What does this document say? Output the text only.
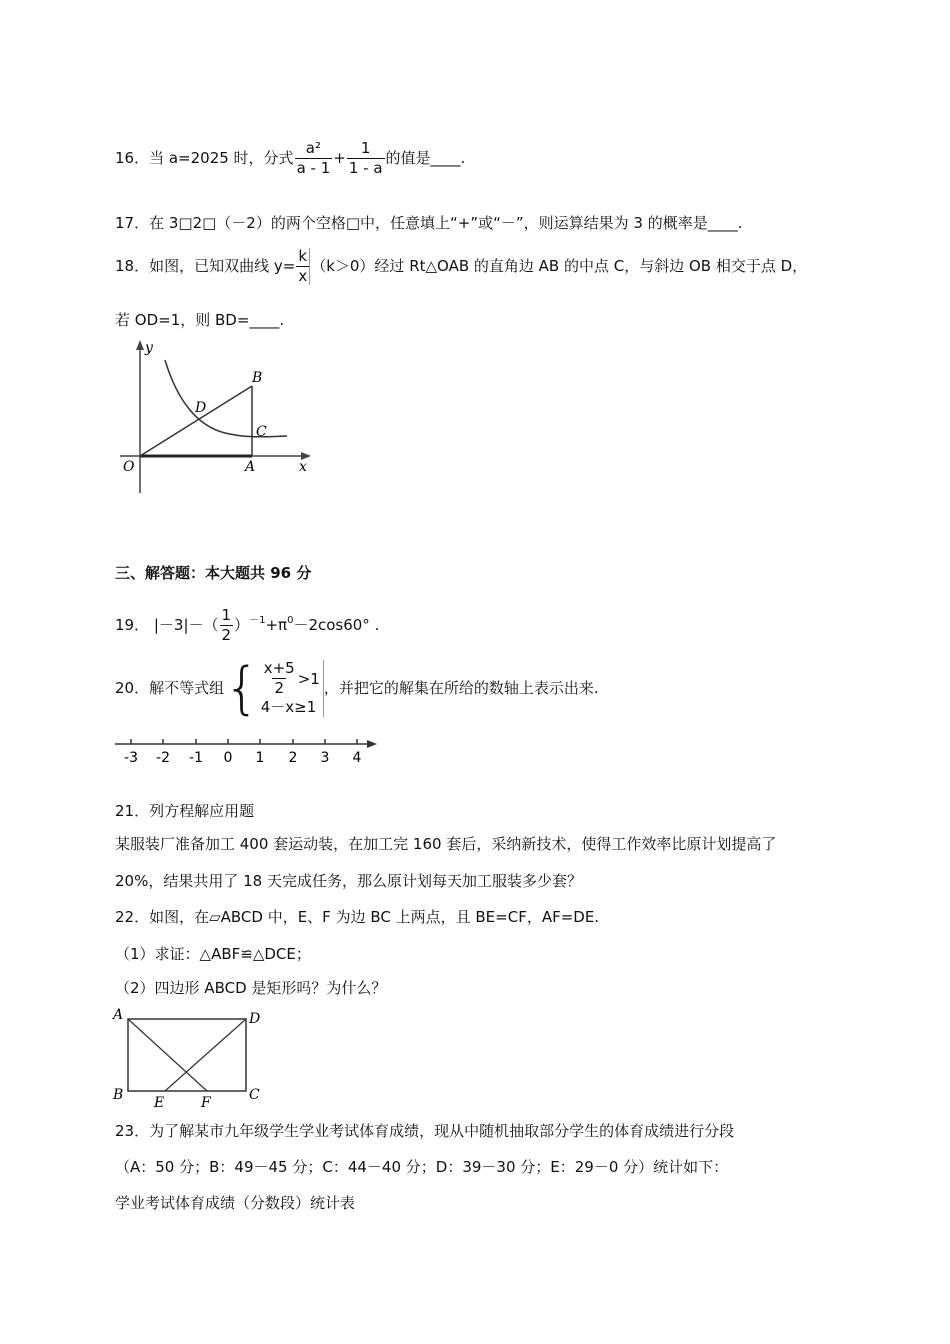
16．当 a=2025 时，分式 $\frac{\text{a²}}{a - 1} + \frac{1}{1 - a}$ 的值是____.
17．在 3□2□（－2）的两个空格□中，任意填上“+”或“－”，则运算结果为 3 的概率是____.
18．如图，已知双曲线 $y= \frac{k}{x} (k>0)$经过 Rt△OAB 的直角边 AB 的中点 C，与斜边 OB 相交于点 D，
若 OD=1，则 BD=____.
y
B
D
C
O	A	x
三、解答题：本大题共 96 分
19． $|-3|-( \frac{1}{2} )^{-1}+\pi^0-2\cos 60^\circ$ .
20．解不等式组 { $\frac{x+5}{2} >1$
4－x≥1
，并把它的解集在所给的数轴上表示出来.
-3 -2 -1 0 1 2 3 4
21．列方程解应用题
某服装厂准备加工 400 套运动装，在加工完 160 套后，采纳新技术，使得工作效率比原计划提高了
20%，结果共用了 18 天完成任务，那么原计划每天加工服装多少套？
22．如图，在▱ABCD 中，E、F 为边 BC 上两点，且 BE=CF，AF=DE.
（1）求证：△ABF≌△DCE；
（2）四边形 ABCD 是矩形吗？为什么？
A	D
B E	F	C
23．为了解某市九年级学生学业考试体育成绩，现从中随机抽取部分学生的体育成绩进行分段
（A：50 分；B：49－45 分；C：44－40 分；D：39－30 分；E：29－0 分）统计如下：
学业考试体育成绩（分数段）统计表
